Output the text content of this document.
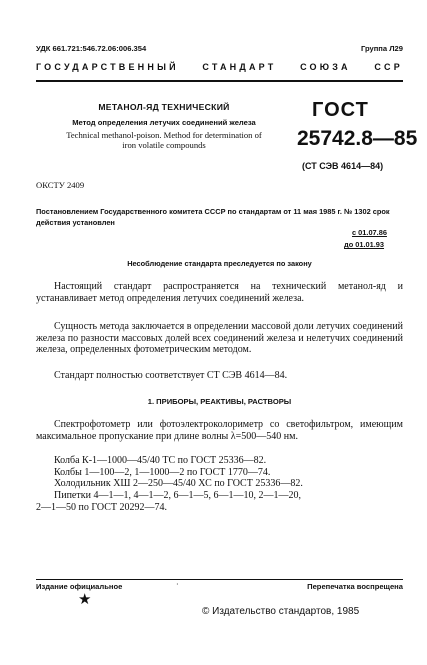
УДК 661.721:546.72.06:006.354	Группа Л29
ГОСУДАРСТВЕННЫЙ	СТАНДАРТ	СОЮЗА	ССР
МЕТАНОЛ-ЯД ТЕХНИЧЕСКИЙ
Метод определения летучих соединений железа
Technical methanol-poison. Method for determination of
iron volatile compounds
ГОСТ
25742.8—85
(СТ СЭВ 4614—84)
ОКСТУ 2409
Постановлением Государственного комитета СССР по стандартам от 11 мая 1985 г. № 1302 срок действия установлен
с 01.07.86
до 01.01.93
Несоблюдение стандарта преследуется по закону
Настоящий стандарт распространяется на технический метанол-яд и устанавливает метод определения летучих соединений железа.
Сущность метода заключается в определении массовой доли летучих соединений железа по разности массовых долей всех соединений железа и нелетучих соединений железа, определенных фотометрическим методом.
Стандарт полностью соответствует СТ СЭВ 4614—84.
1. ПРИБОРЫ, РЕАКТИВЫ, РАСТВОРЫ
Спектрофотометр или фотоэлектроколориметр со светофильтром, имеющим максимальное пропускание при длине волны λ=500—540 нм.
Колба К-1—1000—45/40 ТС по ГОСТ 25336—82.
Колбы 1—100—2, 1—1000—2 по ГОСТ 1770—74.
Холодильник ХШ 2—250—45/40 ХС по ГОСТ 25336—82.
Пипетки 4—1—1, 4—1—2, 6—1—5, 6—1—10, 2—1—20,
2—1—50 по ГОСТ 20292—74.
Издание официальное	Перепечатка воспрещена
·
★
© Издательство стандартов, 1985
